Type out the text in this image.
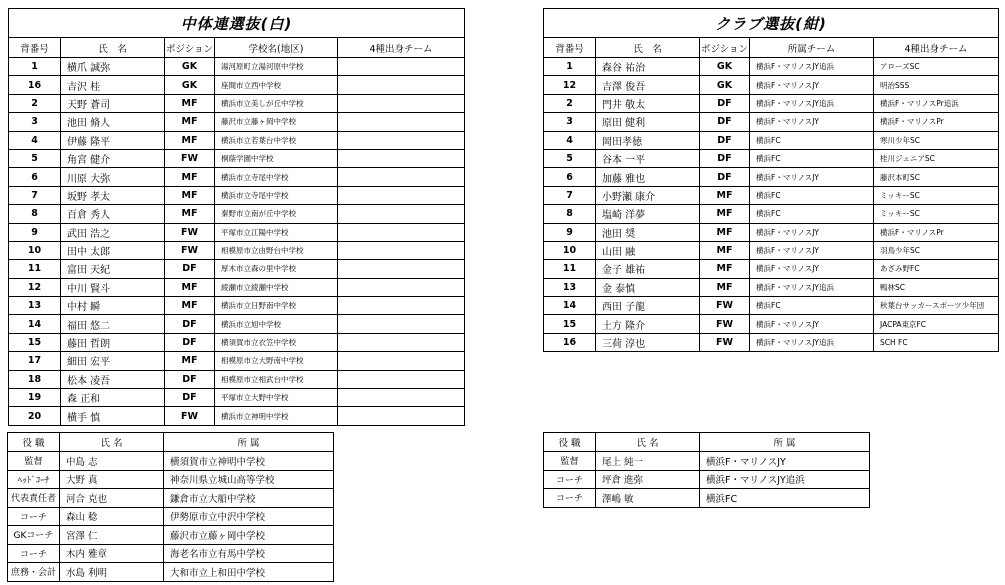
中体連選抜(白)				
背番号	氏　名	ポジション	学校名(地区)	4種出身チーム
1	横爪 誠弥	GK	湯河原町立湯河原中学校	
16	吉沢 桂	GK	座間市立西中学校	
2	天野 蒼司	MF	横浜市立美しが丘中学校	
3	池田 脩人	MF	藤沢市立藤ヶ岡中学校	
4	伊藤 隆平	MF	横浜市立若葉台中学校	
5	角宮 健介	FW	桐蔭学園中学校	
6	川原 大弥	MF	横浜市立寺尾中学校	
7	坂野 孝太	MF	横浜市立寺尾中学校	
8	百倉 秀人	MF	秦野市立南が丘中学校	
9	武田 浩之	FW	平塚市立江陽中学校	
10	田中 太郎	FW	相模原市立由野台中学校	
11	富田 天紀	DF	厚木市立森の里中学校	
12	中川 賢斗	MF	綾瀬市立綾瀬中学校	
13	中村 瞬	MF	横浜市立日野南中学校	
14	福田 悠二	DF	横浜市立旭中学校	
15	藤田 哲朗	DF	横須賀市立衣笠中学校	
17	細田 宏平	MF	相模原市立大野南中学校	
18	松本 凌吾	DF	相模原市立相武台中学校	
19	森 正和	DF	平塚市立大野中学校	
20	横手 慎	FW	横浜市立神明中学校	
クラブ選抜(紺)				
背番号	氏　名	ポジション	所属チーム	4種出身チーム
1	森谷 祐治	GK	横浜F・マリノスJY追浜	アローズSC
12	吉澤 俊吾	GK	横浜F・マリノスJY	明治SSS
2	門井 敬太	DF	横浜F・マリノスJY追浜	横浜F・マリノスPr追浜
3	原田 健利	DF	横浜F・マリノスJY	横浜F・マリノスPr
4	岡田孝徳	DF	横浜FC	寒川少年SC
5	谷本 一平	DF	横浜FC	桂川ジュニアSC
6	加藤 雅也	DF	横浜F・マリノスJY	藤沢本町SC
7	小野瀬 康介	MF	横浜FC	ミッキーSC
8	塩崎 洋夢	MF	横浜FC	ミッキーSC
9	池田 奨	MF	横浜F・マリノスJY	横浜F・マリノスPr
10	山田 融	MF	横浜F・マリノスJY	羽鳥少年SC
11	金子 雄祐	MF	横浜F・マリノスJY	あざみ野FC
13	金 泰慎	MF	横浜F・マリノスJY追浜	鴨林SC
14	西田 子龍	FW	横浜FC	秋葉台サッカースポーツ少年団
15	土方 隆介	FW	横浜F・マリノスJY	JACPA東京FC
16	三荷 淳也	FW	横浜F・マリノスJY追浜	SCH FC
役 職	氏 名	所 属
監督	中島 志	横須賀市立神明中学校
ﾍｯﾄﾞｺｰﾁ	大野 真	神奈川県立城山高等学校
代表責任者	河合 克也	鎌倉市立大船中学校
コーチ	森山 稔	伊勢原市立中沢中学校
GKコーチ	宮澤 仁	藤沢市立藤ヶ岡中学校
コーチ	木内 雅章	海老名市立有馬中学校
庶務・会計	水島 利明	大和市立上和田中学校
役 職	氏 名	所 属
監督	尾上 純一	横浜F・マリノスJY
コーチ	坪倉 進弥	横浜F・マリノスJY追浜
コーチ	澤嶋 敏	横浜FC
